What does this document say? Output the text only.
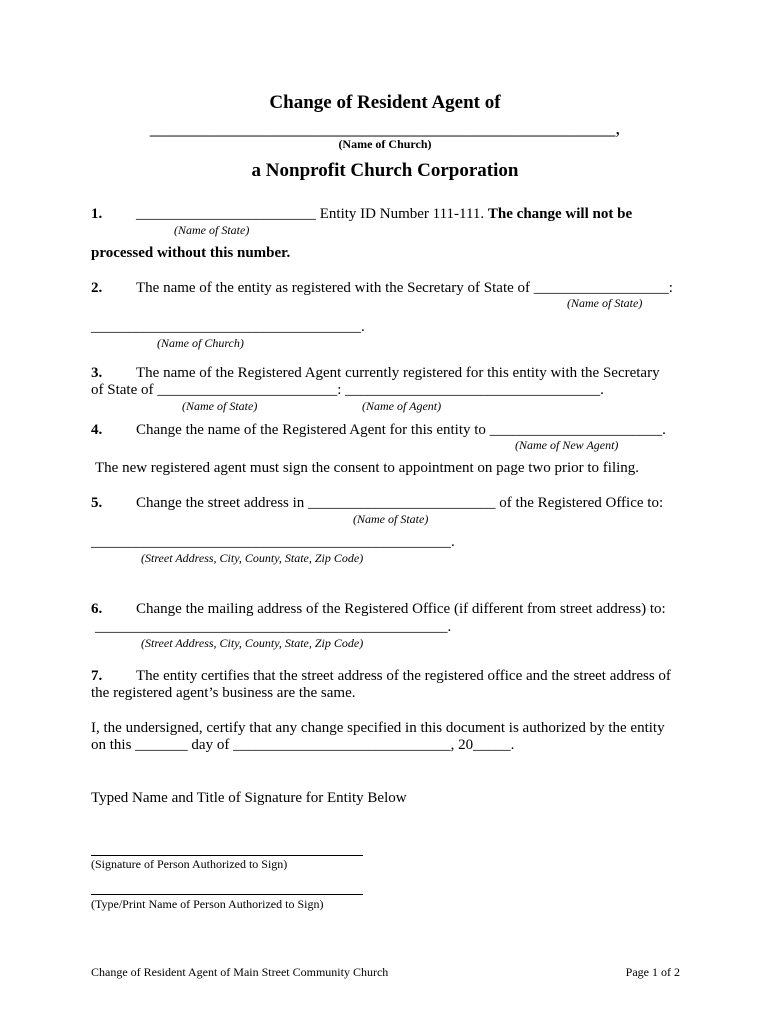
Change of Resident Agent of
_________________________________________________,
(Name of Church)
a Nonprofit Church Corporation
1. ________________________ Entity ID Number 111-111. The change will not be
(Name of State)
processed without this number.
2. The name of the entity as registered with the Secretary of State of __________________:
(Name of State)
____________________________________.
(Name of Church)
3. The name of the Registered Agent currently registered for this entity with the Secretary
of State of ________________________: __________________________________.
(Name of State)	(Name of Agent)
4. Change the name of the Registered Agent for this entity to _______________________.
(Name of New Agent)
The new registered agent must sign the consent to appointment on page two prior to filing.
5. Change the street address in _________________________ of the Registered Office to:
(Name of State)
________________________________________________.
(Street Address, City, County, State, Zip Code)
6. Change the mailing address of the Registered Office (if different from street address) to:
_______________________________________________.
(Street Address, City, County, State, Zip Code)
7. The entity certifies that the street address of the registered office and the street address of
the registered agent’s business are the same.
I, the undersigned, certify that any change specified in this document is authorized by the entity
on this _______ day of _____________________________, 20_____.
Typed Name and Title of Signature for Entity Below
(Signature of Person Authorized to Sign)
(Type/Print Name of Person Authorized to Sign)
Change of Resident Agent of Main Street Community Church	Page 1 of 2
